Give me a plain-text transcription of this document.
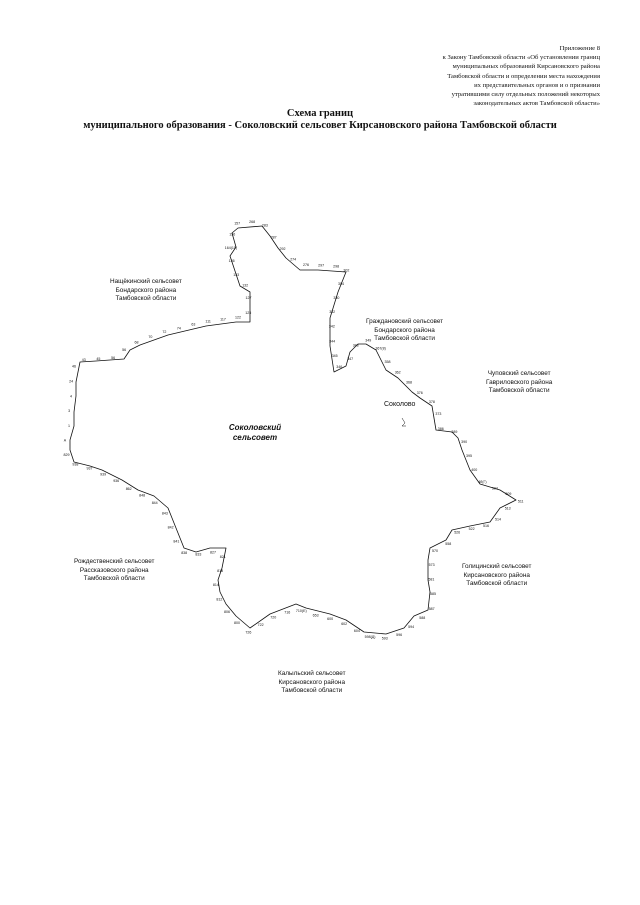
Приложение 8
к Закону Тамбовской области «Об установлении границ
муниципальных образований Кирсановского района
Тамбовской области и определении места нахождения
их представительных органов и о признании
утратившими силу отдельных положений некоторых
законодательных актов Тамбовской области»
Схема границ
муниципального образования - Соколовский сельсовет Кирсановского района Тамбовской области
А
1
3
4
24
46
43	45	56
56
68
70
72
74
63
111
117	122
125
127
132
133
136
164(10)
156
157 268
283
287
292
274
276	297	298
302
304
330
332
342
344
345
346
347
348
349
367(8)
358
362
368
376
378
373
386
389
390
395
400
4б(Г)
504
509
511
513
514
516
522
526
558
570
573
581
585
587
588
594
596
593
598(Д)
604
602
600
653
710(Е)
716
720
722
726
800
806
812
814
818
821
827
833
838
841
842
843
844
848
862
936
939
937
938
829
Нащёкинский сельсовет
Бондарского района
Тамбовской области
Граждановский сельсовет
Бондарского района
Тамбовской области
Чуповский сельсовет
Гавриловского района
Тамбовской области
Голицинский сельсовет
Кирсановского района
Тамбовской области
Калыльский сельсовет
Кирсановского района
Тамбовской области
Рождественский сельсовет
Рассказовского района
Тамбовской области
Соколовский
сельсовет
Соколово
